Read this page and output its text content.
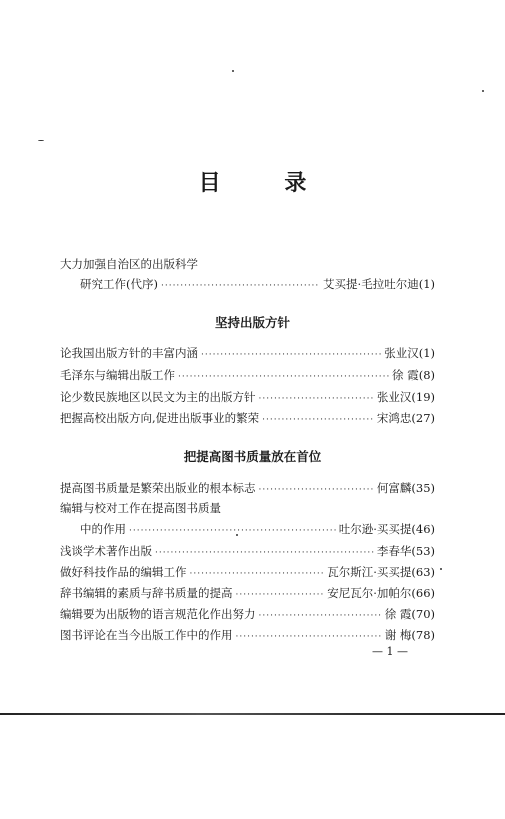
目 录
大力加强自治区的出版科学
研究工作(代序) ·····	艾买提·毛拉吐尔迪(1)
坚持出版方针
论我国出版方针的丰富内涵 ·····	张业汉(1)
毛泽东与编辑出版工作 ·····	徐 霞(8)
论少数民族地区以民文为主的出版方针 ·····	张业汉(19)
把握高校出版方向,促进出版事业的繁荣 ·····	宋鸿忠(27)
把提高图书质量放在首位
提高图书质量是繁荣出版业的根本标志 ·····	何富麟(35)
编辑与校对工作在提高图书质量
中的作用 ·····	吐尔逊·买买提(46)
浅谈学术著作出版 ·····	李春华(53)
做好科技作品的编辑工作 ·····	瓦尔斯江·买买提(63)
辞书编辑的素质与辞书质量的提高 ·····	安尼瓦尔·加帕尔(66)
编辑要为出版物的语言规范化作出努力 ·····	徐 霞(70)
图书评论在当今出版工作中的作用 ·····	谢 梅(78)
— 1 —
